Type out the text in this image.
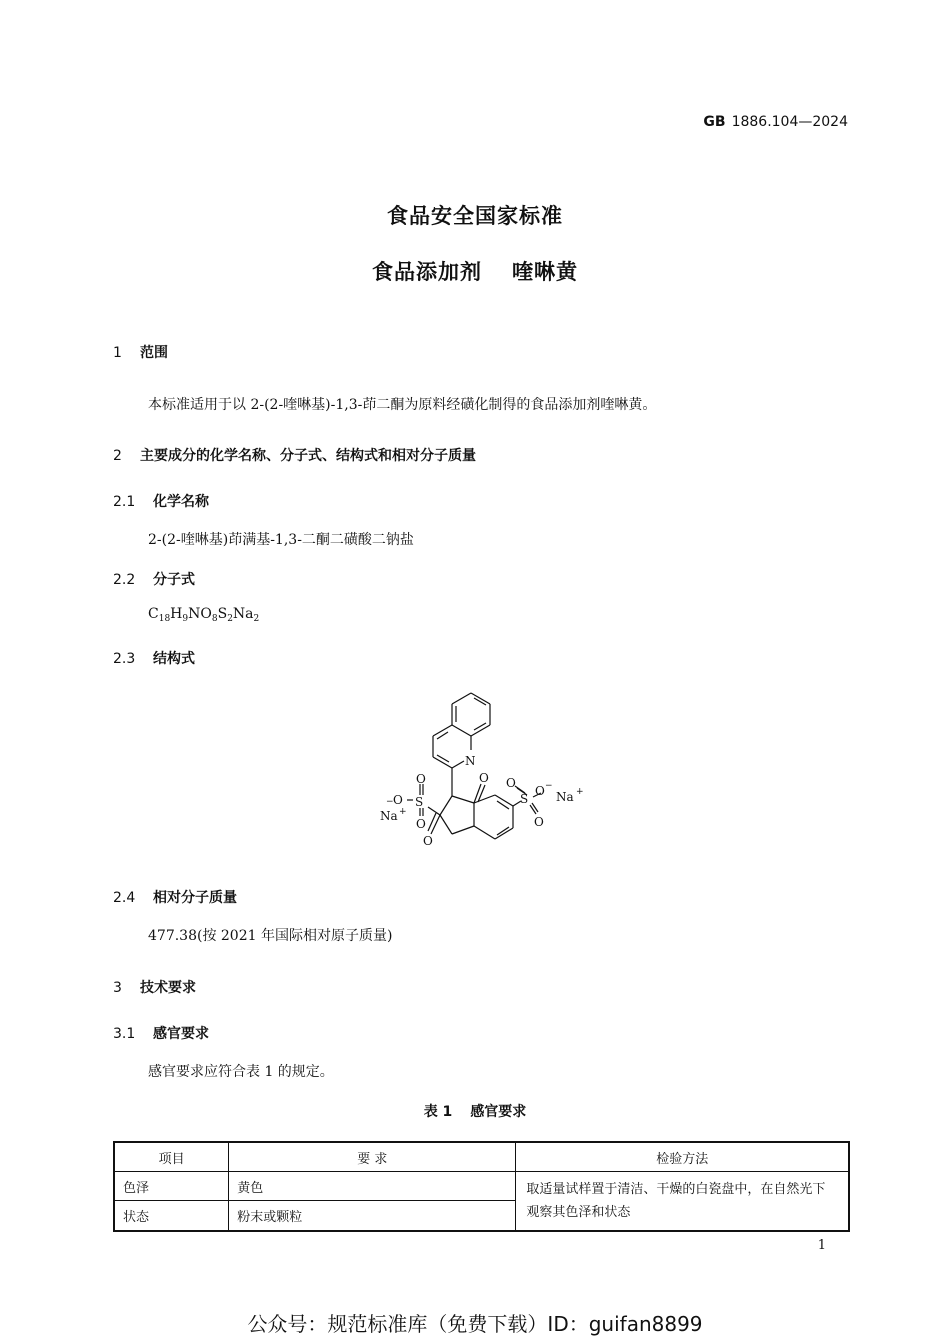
GB 1886.104—2024
食品安全国家标准
食品添加剂 喹啉黄
1 范围
本标准适用于以 2-(2-喹啉基)-1,3-茚二酮为原料经磺化制得的食品添加剂喹啉黄。
2 主要成分的化学名称、分子式、结构式和相对分子质量
2.1 化学名称
2-(2-喹啉基)茚满基-1,3-二酮二磺酸二钠盐
2.2 分子式
$C_{18}H_9NO_8S_2Na_2$
2.3 结构式
N
O
O
O
S
O
− O
Na +
O
S
O
O −
Na +
2.4 相对分子质量
477.38(按 2021 年国际相对原子质量)
3 技术要求
3.1 感官要求
感官要求应符合表 1 的规定。
表 1 感官要求
项目	要 求	检验方法
色泽	黄色	取适量试样置于清洁、干燥的白瓷盘中，在自然光下观察其色泽和状态
状态	粉末或颗粒	
1
公众号：规范标准库（免费下载）ID：guifan8899
